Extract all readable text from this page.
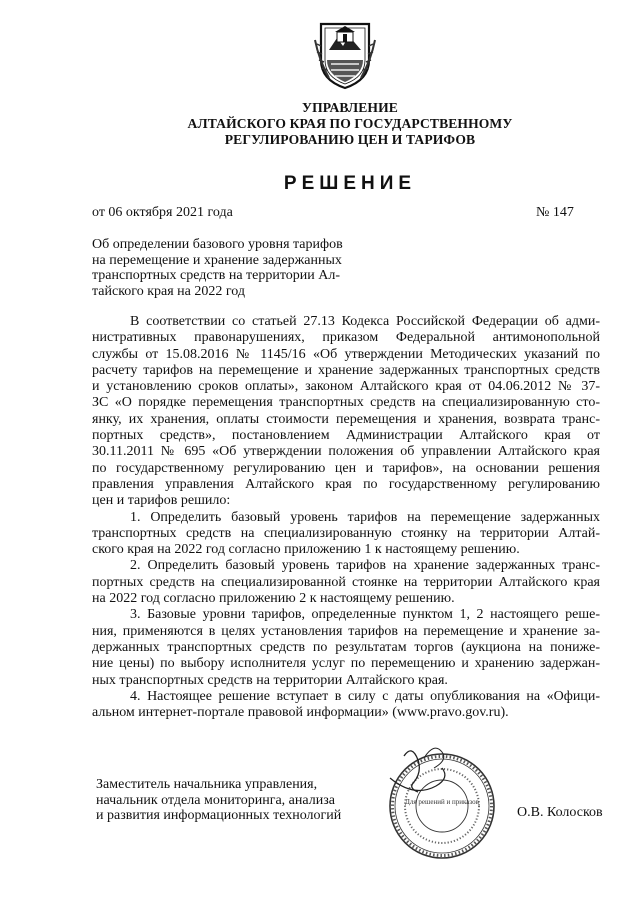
УПРАВЛЕНИЕ
АЛТАЙСКОГО КРАЯ ПО ГОСУДАРСТВЕННОМУ
РЕГУЛИРОВАНИЮ ЦЕН И ТАРИФОВ
РЕШЕНИЕ
от 06 октября 2021 года	№ 147
Об определении базового уровня тарифов
на перемещение и хранение задержанных
транспортных средств на территории Ал-
тайского края на 2022 год
В соответствии со статьей 27.13 Кодекса Российской Федерации об адми-
нистративных правонарушениях, приказом Федеральной антимонопольной
службы от 15.08.2016 № 1145/16 «Об утверждении Методических указаний по
расчету тарифов на перемещение и хранение задержанных транспортных средств
и установлению сроков оплаты», законом Алтайского края от 04.06.2012 № 37-
ЗС «О порядке перемещения транспортных средств на специализированную сто-
янку, их хранения, оплаты стоимости перемещения и хранения, возврата транс-
портных средств», постановлением Администрации Алтайского края от
30.11.2011 № 695 «Об утверждении положения об управлении Алтайского края
по государственному регулированию цен и тарифов», на основании решения
правления управления Алтайского края по государственному регулированию
цен и тарифов решило:
1. Определить базовый уровень тарифов на перемещение задержанных
транспортных средств на специализированную стоянку на территории Алтай-
ского края на 2022 год согласно приложению 1 к настоящему решению.
2. Определить базовый уровень тарифов на хранение задержанных транс-
портных средств на специализированной стоянке на территории Алтайского края
на 2022 год согласно приложению 2 к настоящему решению.
3. Базовые уровни тарифов, определенные пунктом 1, 2 настоящего реше-
ния, применяются в целях установления тарифов на перемещение и хранение за-
держанных транспортных средств по результатам торгов (аукциона на пониже-
ние цены) по выбору исполнителя услуг по перемещению и хранению задержан-
ных транспортных средств на территории Алтайского края.
4. Настоящее решение вступает в силу с даты опубликования на «Офици-
альном интернет-портале правовой информации» (www.pravo.gov.ru).
Заместитель начальника управления,
начальник отдела мониторинга, анализа
и развития информационных технологий
Для решений и приказов
О.В. Колосков
